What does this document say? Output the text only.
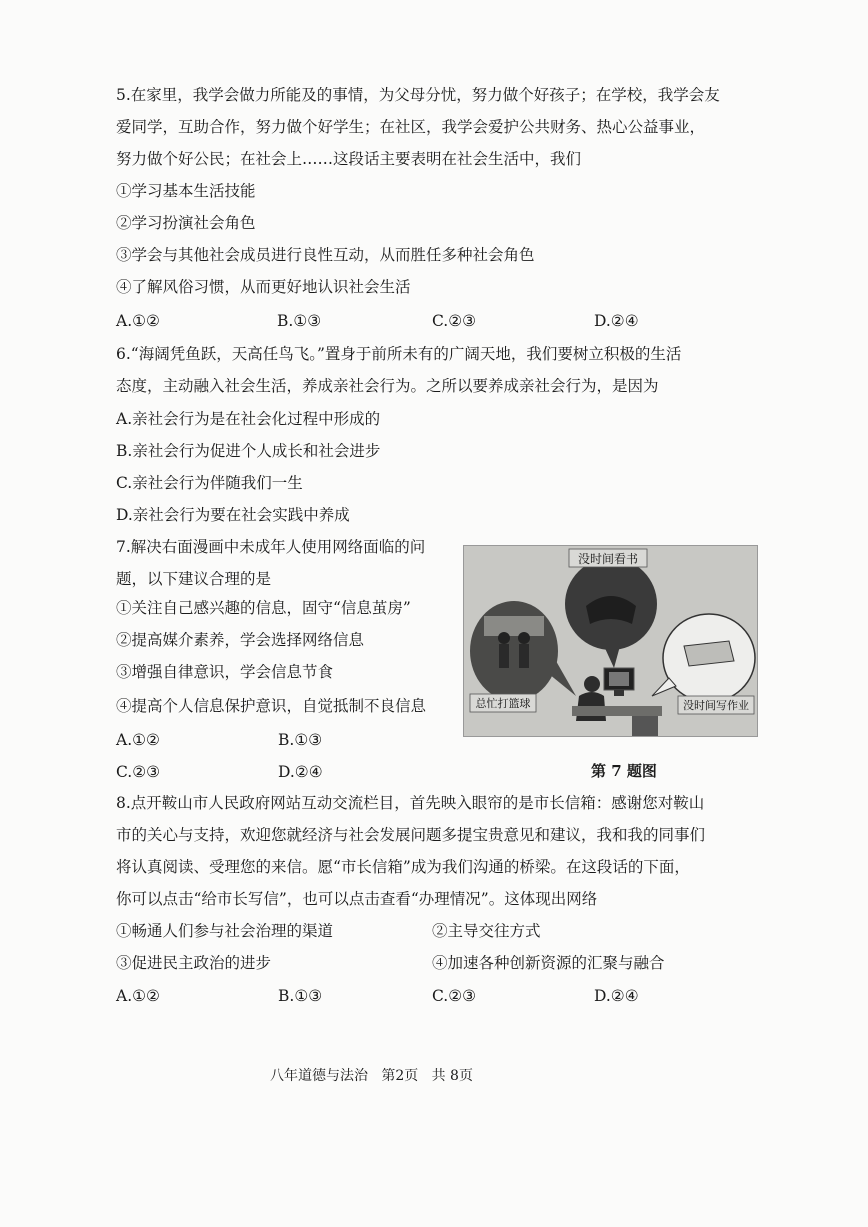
5.在家里，我学会做力所能及的事情，为父母分忧，努力做个好孩子；在学校，我学会友
爱同学，互助合作，努力做个好学生；在社区，我学会爱护公共财务、热心公益事业，
努力做个好公民；在社会上……这段话主要表明在社会生活中，我们
①学习基本生活技能
②学习扮演社会角色
③学会与其他社会成员进行良性互动，从而胜任多种社会角色
④了解风俗习惯，从而更好地认识社会生活
A.①②	B.①③	C.②③	D.②④
6.“海阔凭鱼跃，天高任鸟飞。”置身于前所未有的广阔天地，我们要树立积极的生活
态度，主动融入社会生活，养成亲社会行为。之所以要养成亲社会行为，是因为
A.亲社会行为是在社会化过程中形成的
B.亲社会行为促进个人成长和社会进步
C.亲社会行为伴随我们一生
D.亲社会行为要在社会实践中养成
7.解决右面漫画中未成年人使用网络面临的问
题，以下建议合理的是
①关注自己感兴趣的信息，固守“信息茧房”
②提高媒介素养，学会选择网络信息
③增强自律意识，学会信息节食
④提高个人信息保护意识，自觉抵制不良信息
A.①②	B.①③
C.②③	D.②④
没时间看书
总忙打篮球	没时间写作业
第 7 题图
8.点开鞍山市人民政府网站互动交流栏目，首先映入眼帘的是市长信箱：感谢您对鞍山
市的关心与支持，欢迎您就经济与社会发展问题多提宝贵意见和建议，我和我的同事们
将认真阅读、受理您的来信。愿“市长信箱”成为我们沟通的桥梁。在这段话的下面，
你可以点击“给市长写信”，也可以点击查看“办理情况”。这体现出网络
①畅通人们参与社会治理的渠道	②主导交往方式
③促进民主政治的进步	④加速各种创新资源的汇聚与融合
A.①②	B.①③	C.②③	D.②④
八年道德与法治   第2页   共 8页
